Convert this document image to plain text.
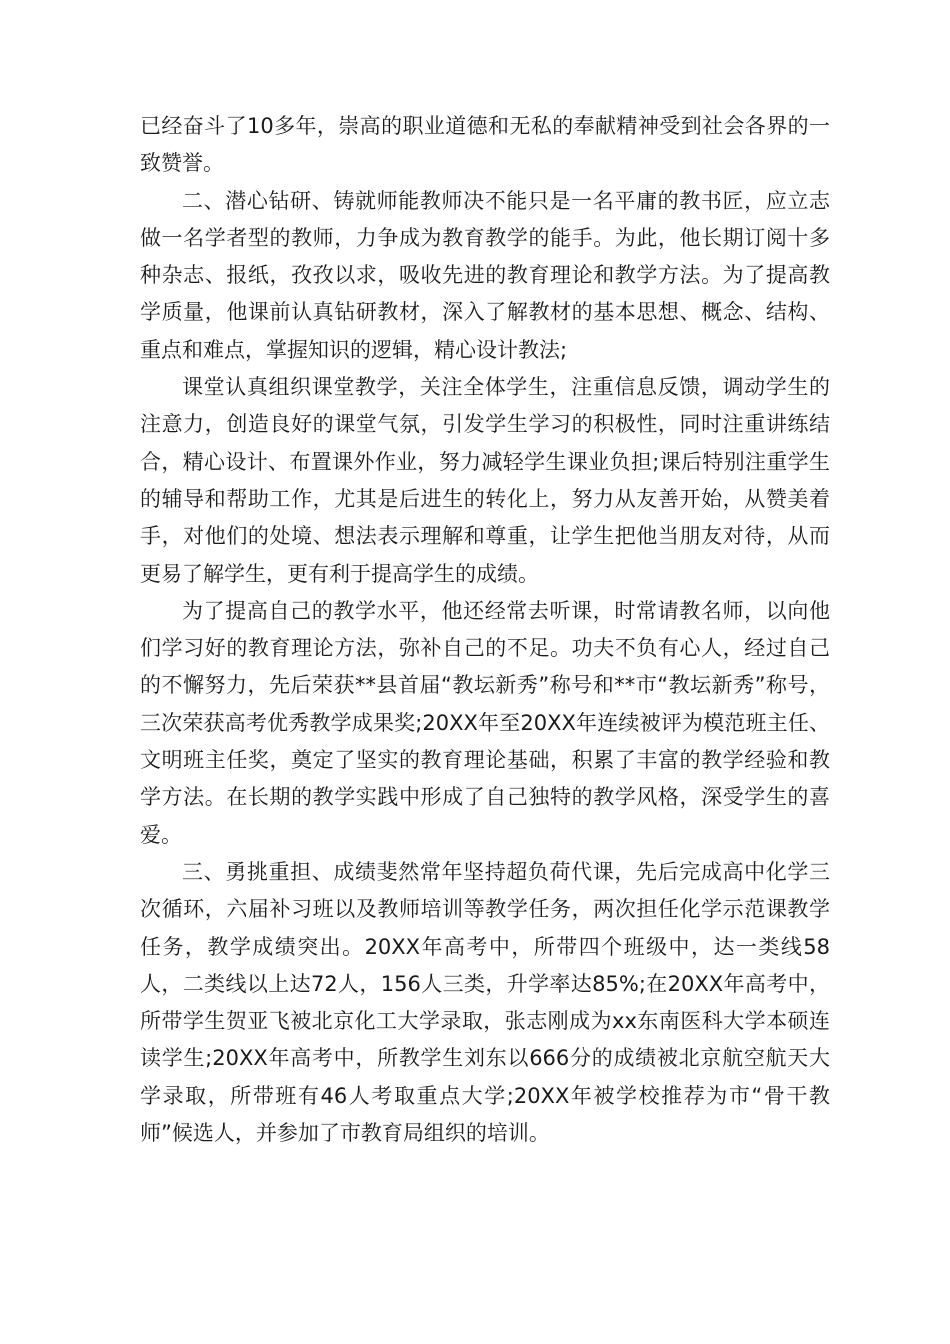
已经奋斗了10多年，崇高的职业道德和无私的奉献精神受到社会各界的一致赞誉。

二、潜心钻研、铸就师能教师决不能只是一名平庸的教书匠，应立志做一名学者型的教师，力争成为教育教学的能手。为此，他长期订阅十多种杂志、报纸，孜孜以求，吸收先进的教育理论和教学方法。为了提高教学质量，他课前认真钻研教材，深入了解教材的基本思想、概念、结构、重点和难点，掌握知识的逻辑，精心设计教法;

课堂认真组织课堂教学，关注全体学生，注重信息反馈，调动学生的注意力，创造良好的课堂气氛，引发学生学习的积极性，同时注重讲练结合，精心设计、布置课外作业，努力减轻学生课业负担;课后特别注重学生的辅导和帮助工作，尤其是后进生的转化上，努力从友善开始，从赞美着手，对他们的处境、想法表示理解和尊重，让学生把他当朋友对待，从而更易了解学生，更有利于提高学生的成绩。

为了提高自己的教学水平，他还经常去听课，时常请教名师，以向他们学习好的教育理论方法，弥补自己的不足。功夫不负有心人，经过自己的不懈努力，先后荣获**县首届“教坛新秀”称号和**市“教坛新秀”称号，三次荣获高考优秀教学成果奖;20XX年至20XX年连续被评为模范班主任、文明班主任奖，奠定了坚实的教育理论基础，积累了丰富的教学经验和教学方法。在长期的教学实践中形成了自己独特的教学风格，深受学生的喜爱。

三、勇挑重担、成绩斐然常年坚持超负荷代课，先后完成高中化学三次循环，六届补习班以及教师培训等教学任务，两次担任化学示范课教学任务，教学成绩突出。20XX年高考中，所带四个班级中，达一类线58人，二类线以上达72人，156人三类，升学率达85%;在20XX年高考中，所带学生贺亚飞被北京化工大学录取，张志刚成为xx东南医科大学本硕连读学生;20XX年高考中，所教学生刘东以666分的成绩被北京航空航天大学录取，所带班有46人考取重点大学;20XX年被学校推荐为市“骨干教师”候选人，并参加了市教育局组织的培训。
